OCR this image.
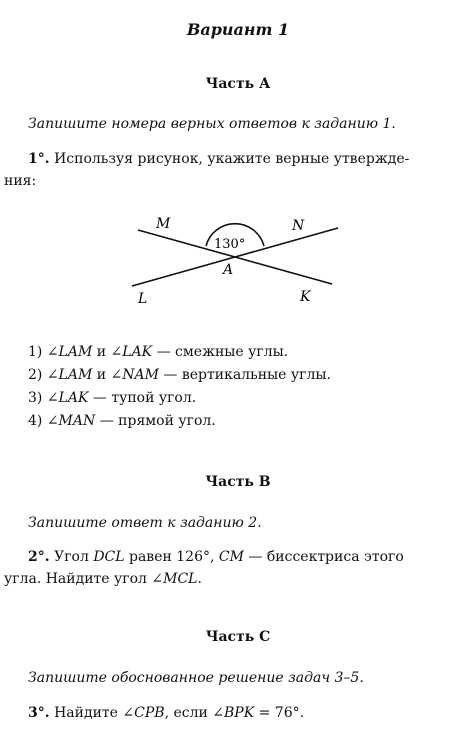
Вариант 1
Часть А
Запишите номера верных ответов к заданию 1.
1°. Используя рисунок, укажите верные утвержде-
ния:
130°
M	N
L	K
A
1) ∠LAM и ∠LAK — смежные углы.
2) ∠LAM и ∠NAM — вертикальные углы.
3) ∠LAK — тупой угол.
4) ∠MAN — прямой угол.
Часть В
Запишите ответ к заданию 2.
2°. Угол DCL равен 126°, CM — биссектриса этого
угла. Найдите угол ∠MCL.
Часть С
Запишите обоснованное решение задач 3–5.
3°. Найдите ∠CPB, если ∠BPK = 76°.
